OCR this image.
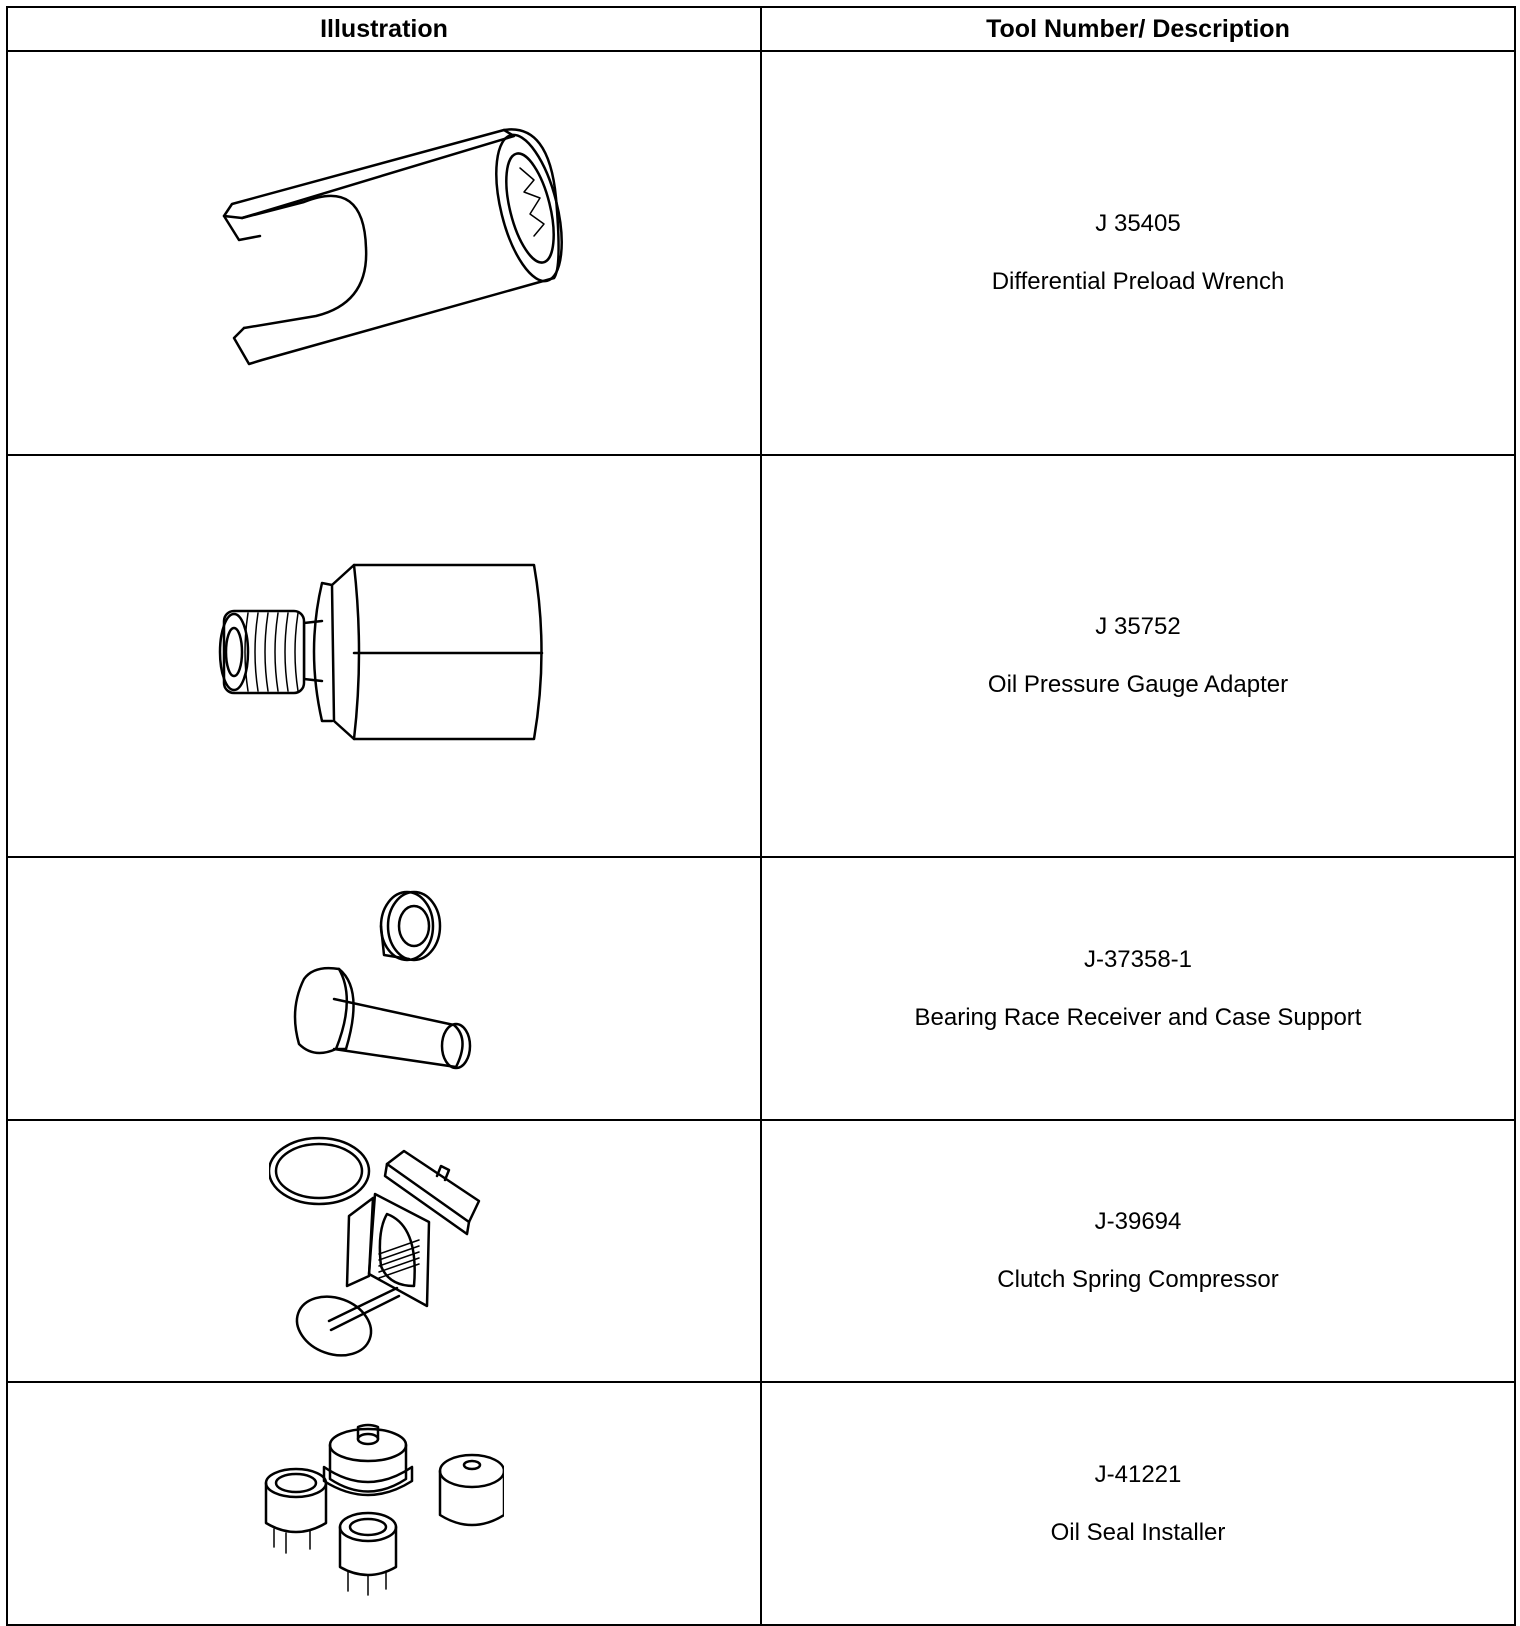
Illustration	Tool Number/ Description

J 35405
Differential Preload Wrench

J 35752
Oil Pressure Gauge Adapter

J-37358-1
Bearing Race Receiver and Case Support

J-39694
Clutch Spring Compressor

J-41221
Oil Seal Installer
